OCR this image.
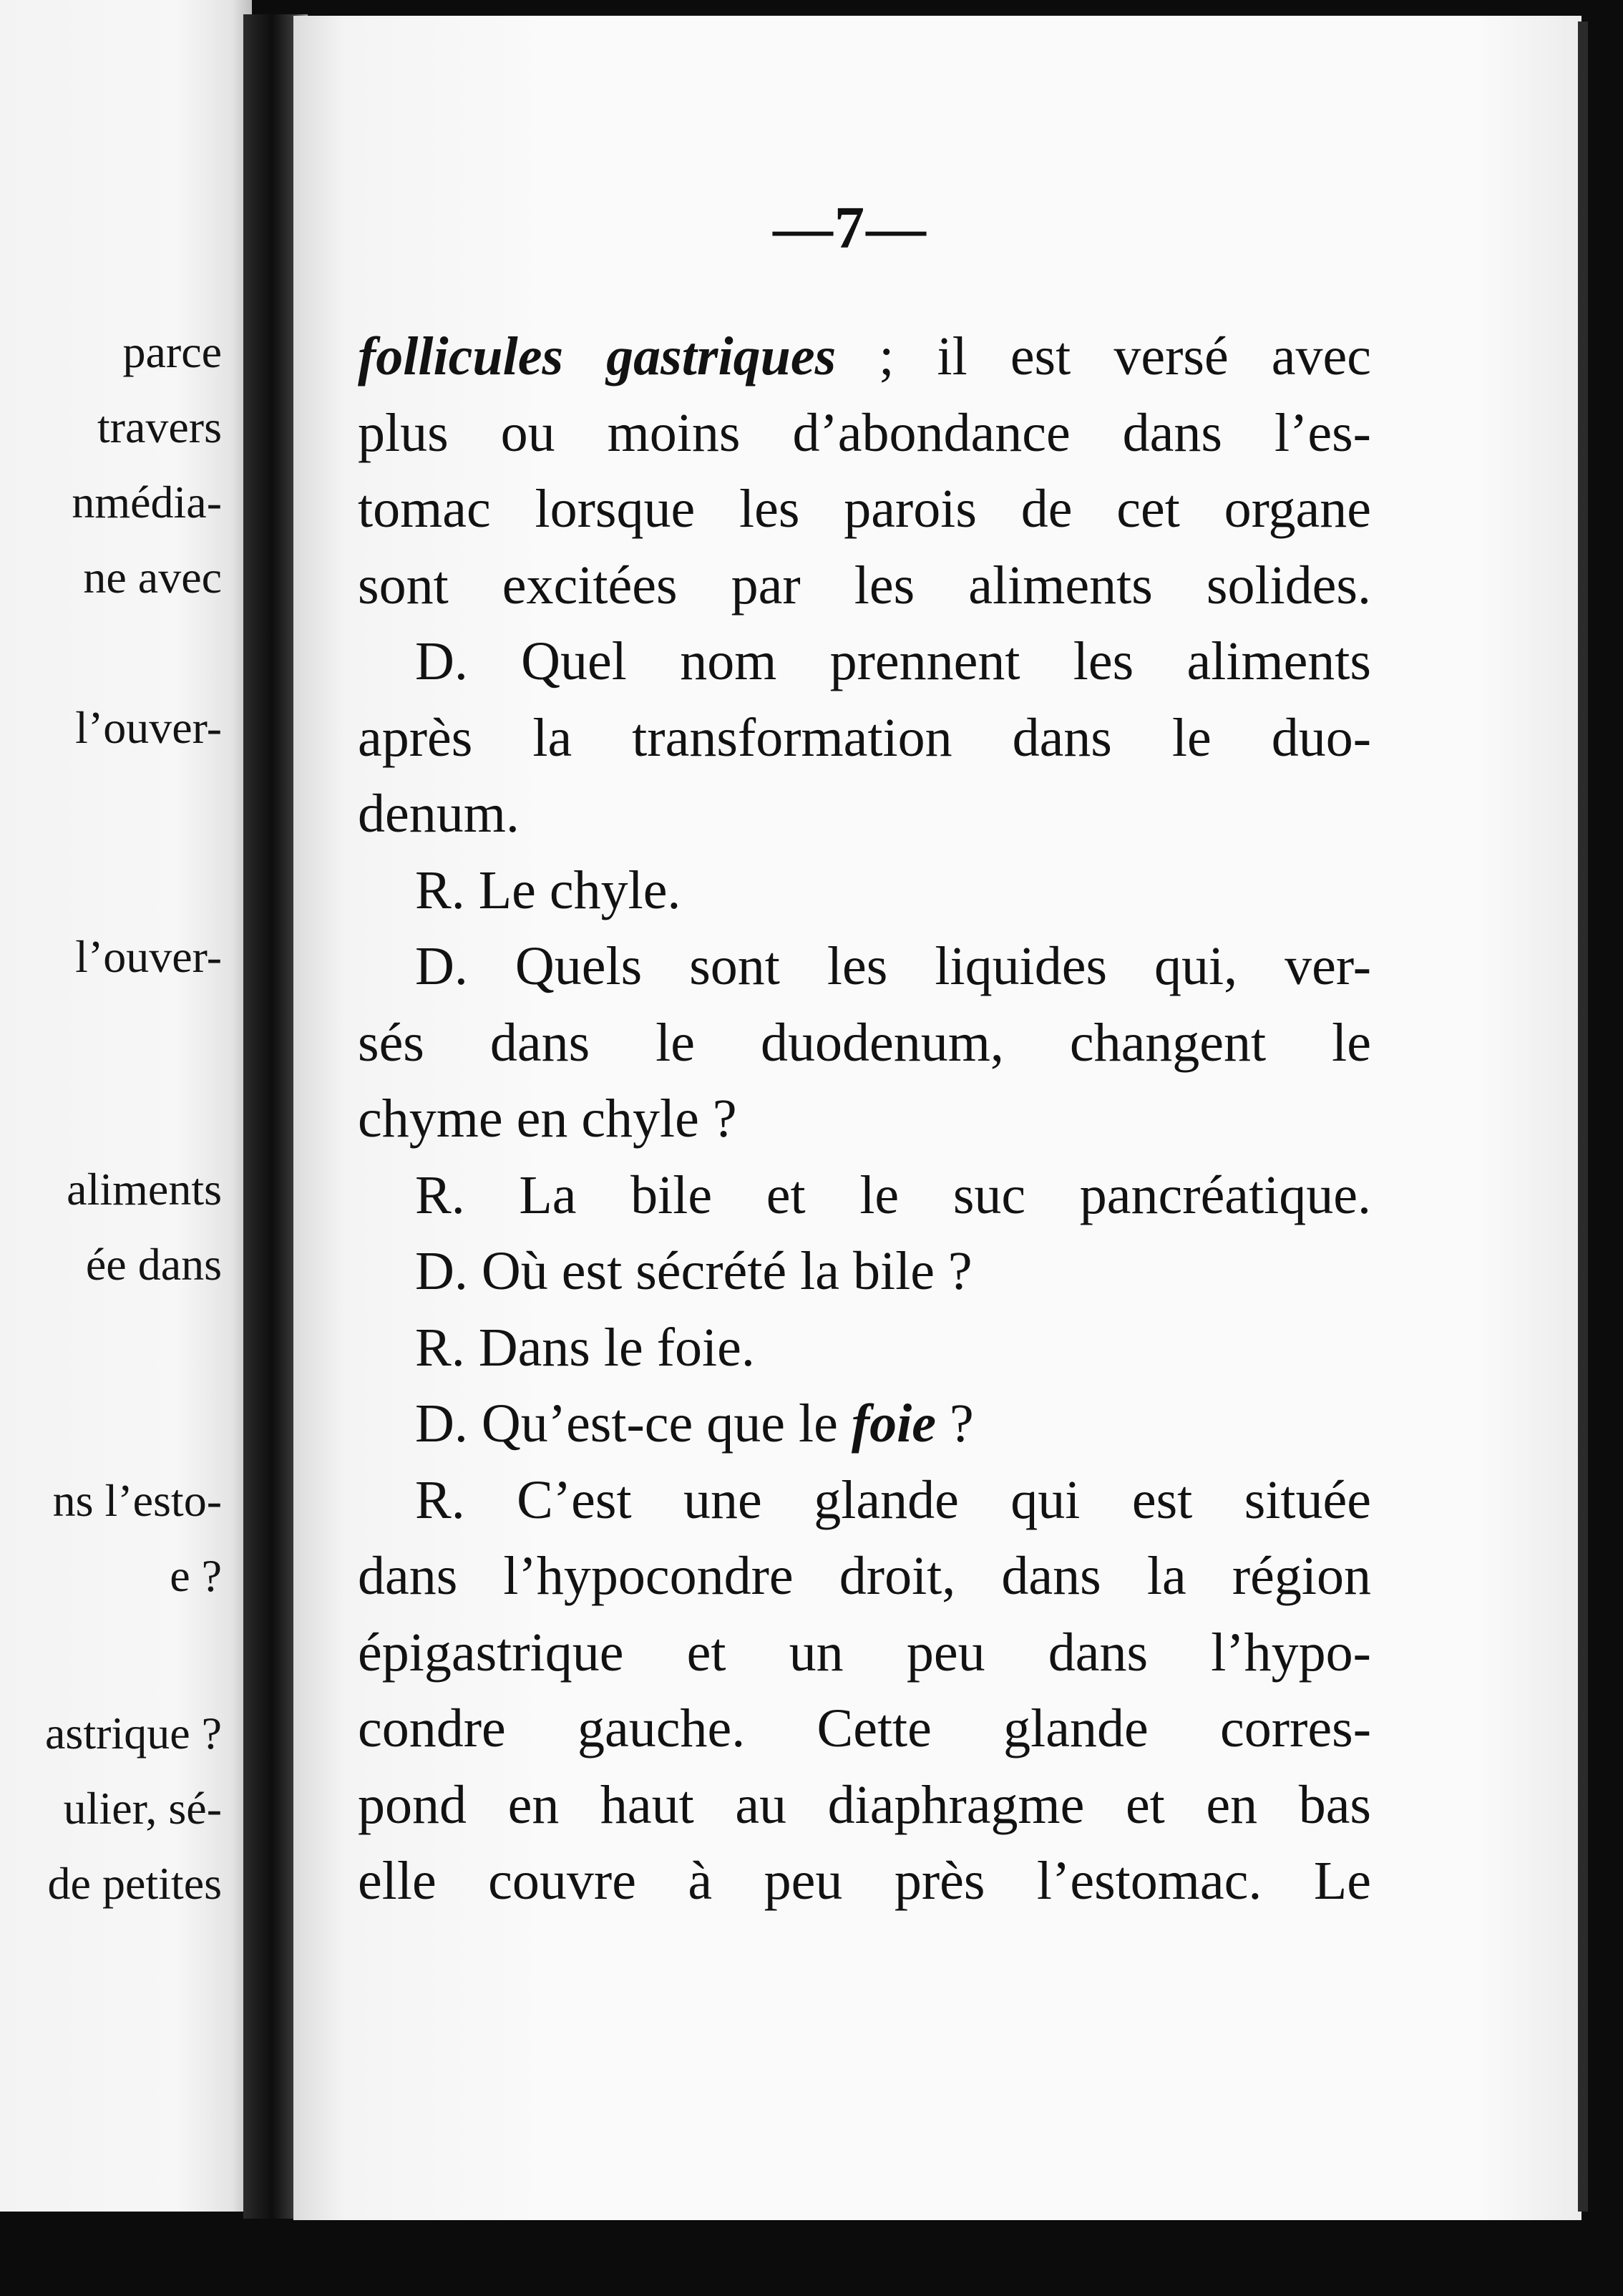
parce
travers
nmédia-
ne avec
l’ouver-
l’ouver-
aliments
ée dans
ns l’esto-
e ?
astrique ?
ulier, sé-
de petites
—7—
follicules gastriques ; il est versé avec
plus ou moins d’abondance dans l’es-
tomac lorsque les parois de cet organe
sont excitées par les aliments solides.
D. Quel nom prennent les aliments
après la transformation dans le duo-
denum.
R. Le chyle.
D. Quels sont les liquides qui, ver-
sés dans le duodenum, changent le
chyme en chyle ?
R. La bile et le suc pancréatique.
D. Où est sécrété la bile ?
R. Dans le foie.
D. Qu’est-ce que le foie ?
R. C’est une glande qui est située
dans l’hypocondre droit, dans la région
épigastrique et un peu dans l’hypo-
condre gauche. Cette glande corres-
pond en haut au diaphragme et en bas
elle couvre à peu près l’estomac. Le
